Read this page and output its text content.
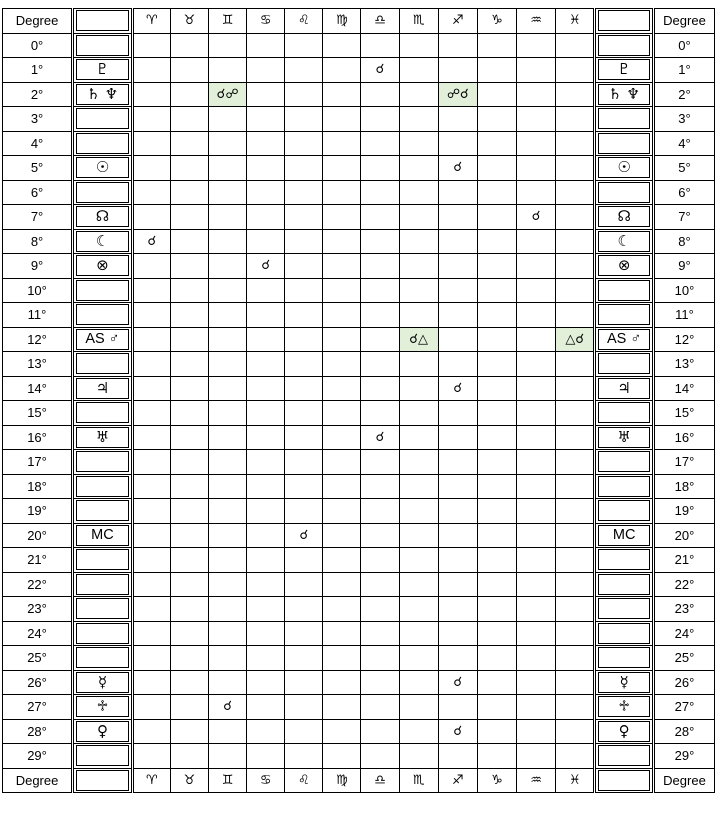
Degree		♈	♉	♊	♋	♌	♍	♎	♏	♐	♑	♒	♓		Degree
0°															0°
1°	♇							☌						♇	1°
2°	♄ ♆			☌☍						☍☌				♄ ♆	2°
3°															3°
4°															4°
5°	☉									☌				☉	5°
6°															6°
7°	☊											☌		☊	7°
8°	☾	☌												☾	8°
9°	⊗				☌									⊗	9°
10°															10°
11°															11°
12°	AS ♂								☌△				△☌	AS ♂	12°
13°															13°
14°	♃									☌				♃	14°
15°															15°
16°	♅							☌						♅	16°
17°															17°
18°															18°
19°															19°
20°	MC					☌								MC	20°
21°															21°
22°															22°
23°															23°
24°															24°
25°															25°
26°	☿									☌				☿	26°
27°	♱			☌										♱	27°
28°	♀									☌				♀	28°
29°															29°
Degree		♈	♉	♊	♋	♌	♍	♎	♏	♐	♑	♒	♓		Degree
